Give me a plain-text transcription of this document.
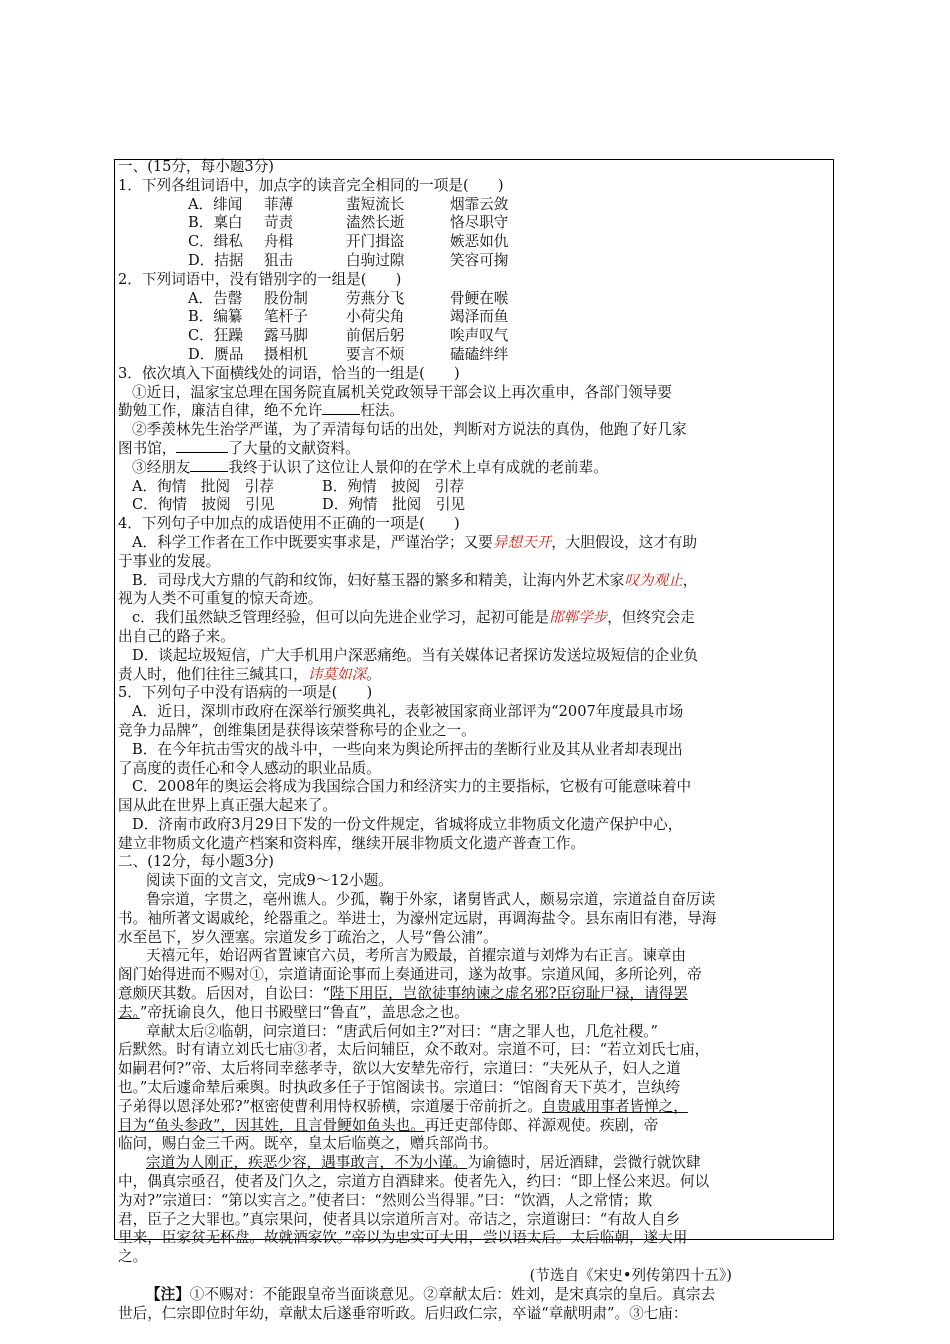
一、(15分，每小题3分)
1．下列各组词语中，加点字的读音完全相同的一项是(　　)
A．绯闻	菲薄	蜚短流长	烟霏云敛
B．稟白	苛责	溘然长逝	恪尽职守
C．缉私	舟楫	开门揖盗	嫉恶如仇
D．拮据	狙击	白驹过隙	笑容可掬
2．下列词语中，没有错别字的一组是(　　)
A．告罄	股份制	劳燕分飞	骨鲠在喉
B．编纂	笔杆子	小荷尖角	竭泽而鱼
C．狂躁	露马脚	前倨后躬	唉声叹气
D．赝品	摄相机	要言不烦	磕磕绊绊
3．依次填入下面横线处的词语，恰当的一组是(　　)
①近日，温家宝总理在国务院直属机关党政领导干部会议上再次重申，各部门领导要
勤勉工作，廉洁自律，绝不允许	枉法。
②季羡林先生治学严谨，为了弄清每句话的出处，判断对方说法的真伪，他跑了好几家
图书馆，	了大量的文献资料。
③经朋友	我终于认识了这位让人景仰的在学术上卓有成就的老前辈。
A．徇情　批阅　引荐	B．殉情　披阅　引荐
C．徇情　披阅　引见	D．殉情　批阅　引见
4．下列句子中加点的成语使用不正确的一项是(　　)
A．科学工作者在工作中既要实事求是，严谨治学；又要异想天开，大胆假设，这才有助
于事业的发展。
B．司母戊大方鼎的气韵和纹饰，妇好墓玉器的繁多和精美，让海内外艺术家叹为观止，
视为人类不可重复的惊天奇迹。
c．我们虽然缺乏管理经验，但可以向先进企业学习，起初可能是邯郸学步，但终究会走
出自己的路子来。
D．谈起垃圾短信，广大手机用户深恶痛绝。当有关媒体记者探访发送垃圾短信的企业负
责人时，他们往往三缄其口，讳莫如深。
5．下列句子中没有语病的一项是(　　)
A．近日，深圳市政府在深举行颁奖典礼，表彰被国家商业部评为“2007年度最具市场
竞争力品牌”，创维集团是获得该荣誉称号的企业之一。
B．在今年抗击雪灾的战斗中，一些向来为舆论所抨击的垄断行业及其从业者却表现出
了高度的责任心和令人感动的职业品质。
C．2008年的奥运会将成为我国综合国力和经济实力的主要指标，它极有可能意味着中
国从此在世界上真正强大起来了。
D．济南市政府3月29日下发的一份文件规定，省城将成立非物质文化遗产保护中心，
建立非物质文化遗产档案和资料库，继续开展非物质文化遗产普查工作。
二、(12分，每小题3分)
阅读下面的文言文，完成9～12小题。
鲁宗道，字贯之，亳州谯人。少孤，鞠于外家，诸舅皆武人，颇易宗道，宗道益自奋厉读
书。袖所著文谒戚纶，纶器重之。举进士，为濠州定远尉，再调海盐令。县东南旧有港，导海
水至邑下，岁久湮塞。宗道发乡丁疏治之，人号“鲁公浦”。
天禧元年，始诏两省置谏官六员，考所言为殿最，首擢宗道与刘烨为右正言。谏章由
阁门始得进而不赐对①，宗道请面论事而上奏通进司，遂为故事。宗道风闻，多所论列，帝
意颇厌其数。后因对，自讼曰：“陛下用臣，岂欲徒事纳谏之虚名邪?臣窃耻尸禄，请得罢
去。”帝抚谕良久，他日书殿壁曰“鲁直”，盖思念之也。
章献太后②临朝，问宗道曰：“唐武后何如主?”对曰：“唐之罪人也，几危社稷。”
后默然。时有请立刘氏七庙③者，太后问辅臣，众不敢对。宗道不可，曰：“若立刘氏七庙，
如嗣君何?”帝、太后将同幸慈孝寺，欲以大安辇先帝行，宗道曰：“夫死从子，妇人之道
也。”太后遽命辇后乘舆。时执政多任子于馆阁读书。宗道曰：“馆阁育天下英才，岂纨绔
子弟得以恩泽处邪?”枢密使曹利用恃权骄横，宗道屡于帝前折之。自贵戚用事者皆惮之，
目为“鱼头参政”，因其姓，且言骨鲠如鱼头也。再迁吏部侍郎、祥源观使。疾剧，帝
临问，赐白金三千两。既卒，皇太后临奠之，赠兵部尚书。
宗道为人刚正，疾恶少容，遇事敢言，不为小谨。为谕德时，居近酒肆，尝微行就饮肆
中，偶真宗亟召，使者及门久之，宗道方自酒肆来。使者先入，约曰：“即上怪公来迟。何以
为对?”宗道曰：“第以实言之。”使者曰：“然则公当得罪。”曰：“饮酒，人之常情；欺
君，臣子之大罪也。”真宗果问，使者具以宗道所言对。帝诘之，宗道谢曰：“有故人自乡
里来，臣家贫无杯盘。故就酒家饮。”帝以为忠实可大用，尝以语太后。太后临朝，遂大用
之。
(节选自《宋史•列传第四十五》)
【注】①不赐对：不能跟皇帝当面谈意见。②章献太后：姓刘，是宋真宗的皇后。真宗去
世后，仁宗即位时年幼，章献太后遂垂帘听政。后归政仁宗，卒谥“章献明肃”。③七庙：
